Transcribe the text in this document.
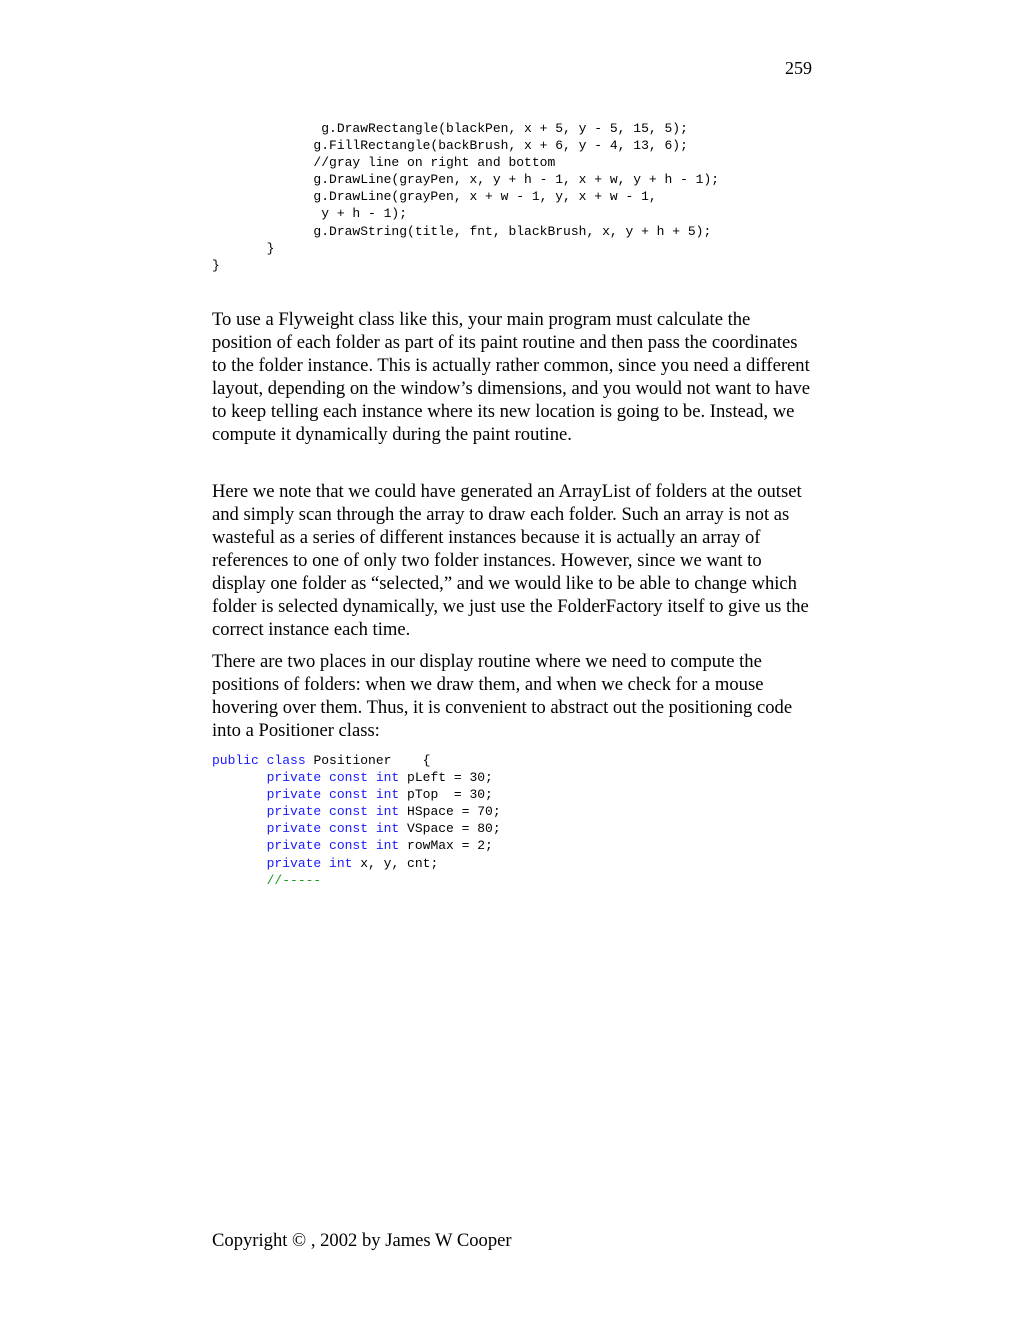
259
g.DrawRectangle(blackPen, x + 5, y - 5, 15, 5);
g.FillRectangle(backBrush, x + 6, y - 4, 13, 6);
//gray line on right and bottom
g.DrawLine(grayPen, x, y + h - 1, x + w, y + h - 1);
g.DrawLine(grayPen, x + w - 1, y, x + w - 1,
y + h - 1);
g.DrawString(title, fnt, blackBrush, x, y + h + 5);
}
}

To use a Flyweight class like this, your main program must calculate the position of each folder as part of its paint routine and then pass the coordinates to the folder instance. This is actually rather common, since you need a different layout, depending on the window’s dimensions, and you would not want to have to keep telling each instance where its new location is going to be. Instead, we compute it dynamically during the paint routine.

Here we note that we could have generated an ArrayList of folders at the outset and simply scan through the array to draw each folder. Such an array is not as wasteful as a series of different instances because it is actually an array of references to one of only two folder instances. However, since we want to display one folder as “selected,” and we would like to be able to change which folder is selected dynamically, we just use the FolderFactory itself to give us the correct instance each time.

There are two places in our display routine where we need to compute the positions of folders: when we draw them, and when we check for a mouse hovering over them. Thus, it is convenient to abstract out the positioning code into a Positioner class:

public class Positioner    {
private const int pLeft = 30;
private const int pTop  = 30;
private const int HSpace = 70;
private const int VSpace = 80;
private const int rowMax = 2;
private int x, y, cnt;
//-----
Copyright © , 2002 by James W Cooper
